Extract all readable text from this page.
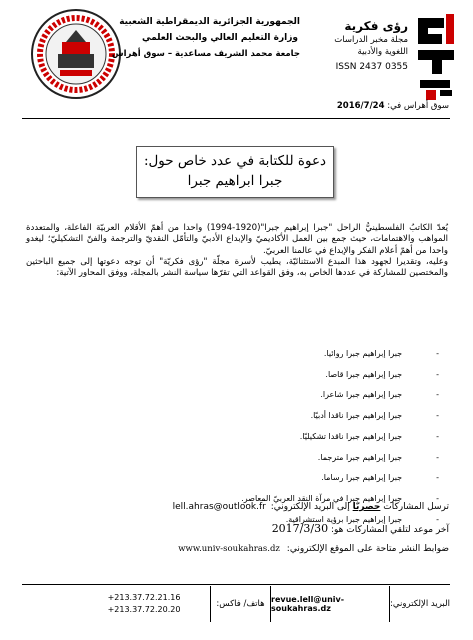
الجمهورية الجزائرية الديمقراطية الشعبية
وزارة التعليم العالي والبحث العلمي
جامعة محمد الشريف مساعدية – سوق أهراس
رؤى فكرية
مجلة مخبر الدراسات
اللغوية والأدبية
ISSN 2437 0355
سوق أهراس في: 2016/7/24
دعوة للكتابة في عدد خاص حول:
جبرا ابراهيم جبرا

يُعدّ الكاتبُ الفلسطينيُّ الراحل "جبرا إبراهيم جبرا"(1920-1994) واحدا من أهمّ الأقلام العربيّة الفاعلة، والمتعددة المواهب والاهتمامات، حيث جمع بين العمل الأكاديميّ والإبداع الأدبيّ والتأمّل النقديّ والترجمة والفنّ التشكيليّ؛ ليغدو واحدا من أهمّ أعلام الفكر والإبداع في عالمنا العربيّ.

وعليه، وتقديرا لجهود هذا المبدع الاستثنائيّة، يطيب لأسرة مجلّة "رؤى فكريّة" أن توجه دعوتها إلى جميع الباحثين والمختصين للمشاركة في عددها الخاص به، وفق القواعد التي تقرّها سياسة النشر بالمجلة، ووفق المحاور الآتية:

- جبرا إبراهيم جبرا روائيا.
- جبرا إبراهيم جبرا قاصا.
- جبرا إبراهيم جبرا شاعرا.
- جبرا إبراهيم جبرا ناقدا أدبيّا.
- جبرا إبراهيم جبرا ناقدا تشكيليّا.
- جبرا إبراهيم جبرا مترجما.
- جبرا إبراهيم جبرا رساما.
- جبرا إبراهيم جبرا في مرآة النقد العربيّ المعاصر.
- جبرا إبراهيم جبرا برؤية استشراقية.
ترسل المشاركات حصريّا إلى البريد الإلكتروني: lell.ahras@outlook.fr
آخر موعد لتلقي المشاركات هو: 2017/3/30
ضوابط النشر متاحة على الموقع الإلكتروني: www.univ-soukahras.dz
البريد الإلكتروني:
revue.lell@univ-soukahras.dz
هاتف/ فاكس:
+213.37.72.21.16
+213.37.72.20.20
